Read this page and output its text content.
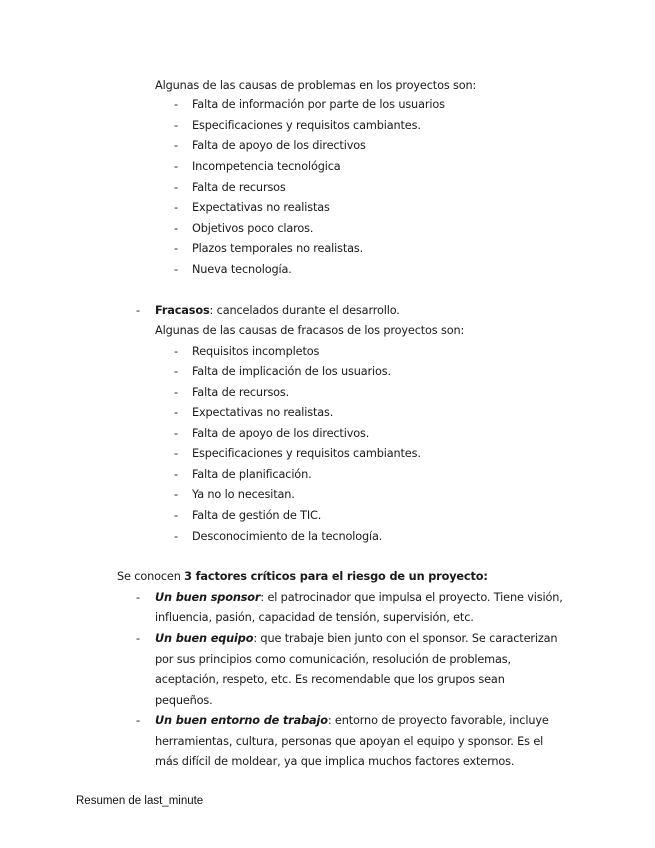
Algunas de las causas de problemas en los proyectos son:
- Falta de información por parte de los usuarios
- Especificaciones y requisitos cambiantes.
- Falta de apoyo de los directivos
- Incompetencia tecnológica
- Falta de recursos
- Expectativas no realistas
- Objetivos poco claros.
- Plazos temporales no realistas.
- Nueva tecnología.
- Fracasos: cancelados durante el desarrollo.
Algunas de las causas de fracasos de los proyectos son:
- Requisitos incompletos
- Falta de implicación de los usuarios.
- Falta de recursos.
- Expectativas no realistas.
- Falta de apoyo de los directivos.
- Especificaciones y requisitos cambiantes.
- Falta de planificación.
- Ya no lo necesitan.
- Falta de gestión de TIC.
- Desconocimiento de la tecnología.
Se conocen 3 factores críticos para el riesgo de un proyecto:
- Un buen sponsor: el patrocinador que impulsa el proyecto. Tiene visión,
influencia, pasión, capacidad de tensión, supervisión, etc.
- Un buen equipo: que trabaje bien junto con el sponsor. Se caracterizan
por sus principios como comunicación, resolución de problemas,
aceptación, respeto, etc. Es recomendable que los grupos sean
pequeños.
- Un buen entorno de trabajo: entorno de proyecto favorable, incluye
herramientas, cultura, personas que apoyan el equipo y sponsor. Es el
más difícil de moldear, ya que implica muchos factores externos.
Resumen de last_minute
